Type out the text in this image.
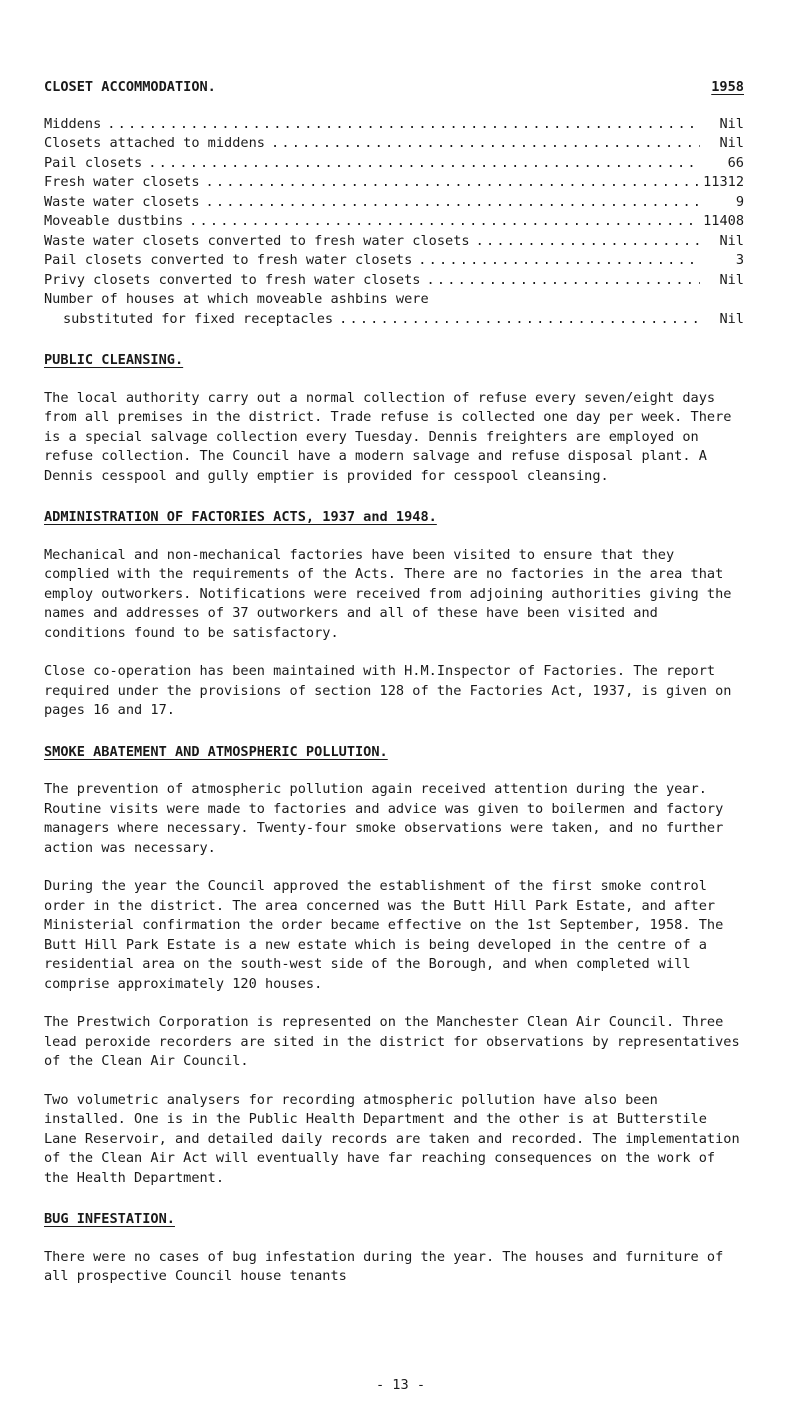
CLOSET ACCOMMODATION.	1958
Middens . . .	Nil
Closets attached to middens . . .	Nil
Pail closets . . .	66
Fresh water closets . . .	11312
Waste water closets . . .	9
Moveable dustbins . . .	11408
Waste water closets converted to fresh water closets . . .	Nil
Pail closets converted to fresh water closets . . .	3
Privy closets converted to fresh water closets . . .	Nil
Number of houses at which moveable ashbins were
substituted for fixed receptacles . . .	Nil
PUBLIC CLEANSING.

The local authority carry out a normal collection of refuse every seven/eight days from all premises in the district. Trade refuse is collected one day per week. There is a special salvage collection every Tuesday. Dennis freighters are employed on refuse collection. The Council have a modern salvage and refuse disposal plant. A Dennis cesspool and gully emptier is provided for cesspool cleansing.

ADMINISTRATION OF FACTORIES ACTS, 1937 and 1948.

Mechanical and non-mechanical factories have been visited to ensure that they complied with the requirements of the Acts. There are no factories in the area that employ outworkers. Notifications were received from adjoining authorities giving the names and addresses of 37 outworkers and all of these have been visited and conditions found to be satisfactory.

Close co-operation has been maintained with H.M.Inspector of Factories. The report required under the provisions of section 128 of the Factories Act, 1937, is given on pages 16 and 17.

SMOKE ABATEMENT AND ATMOSPHERIC POLLUTION.

The prevention of atmospheric pollution again received attention during the year. Routine visits were made to factories and advice was given to boilermen and factory managers where necessary. Twenty-four smoke observations were taken, and no further action was necessary.

During the year the Council approved the establishment of the first smoke control order in the district. The area concerned was the Butt Hill Park Estate, and after Ministerial confirmation the order became effective on the 1st September, 1958. The Butt Hill Park Estate is a new estate which is being developed in the centre of a residential area on the south-west side of the Borough, and when completed will comprise approximately 120 houses.

The Prestwich Corporation is represented on the Manchester Clean Air Council. Three lead peroxide recorders are sited in the district for observations by representatives of the Clean Air Council.

Two volumetric analysers for recording atmospheric pollution have also been installed. One is in the Public Health Department and the other is at Butterstile Lane Reservoir, and detailed daily records are taken and recorded. The implementation of the Clean Air Act will eventually have far reaching consequences on the work of the Health Department.

BUG INFESTATION.

There were no cases of bug infestation during the year. The houses and furniture of all prospective Council house tenants

- 13 -
